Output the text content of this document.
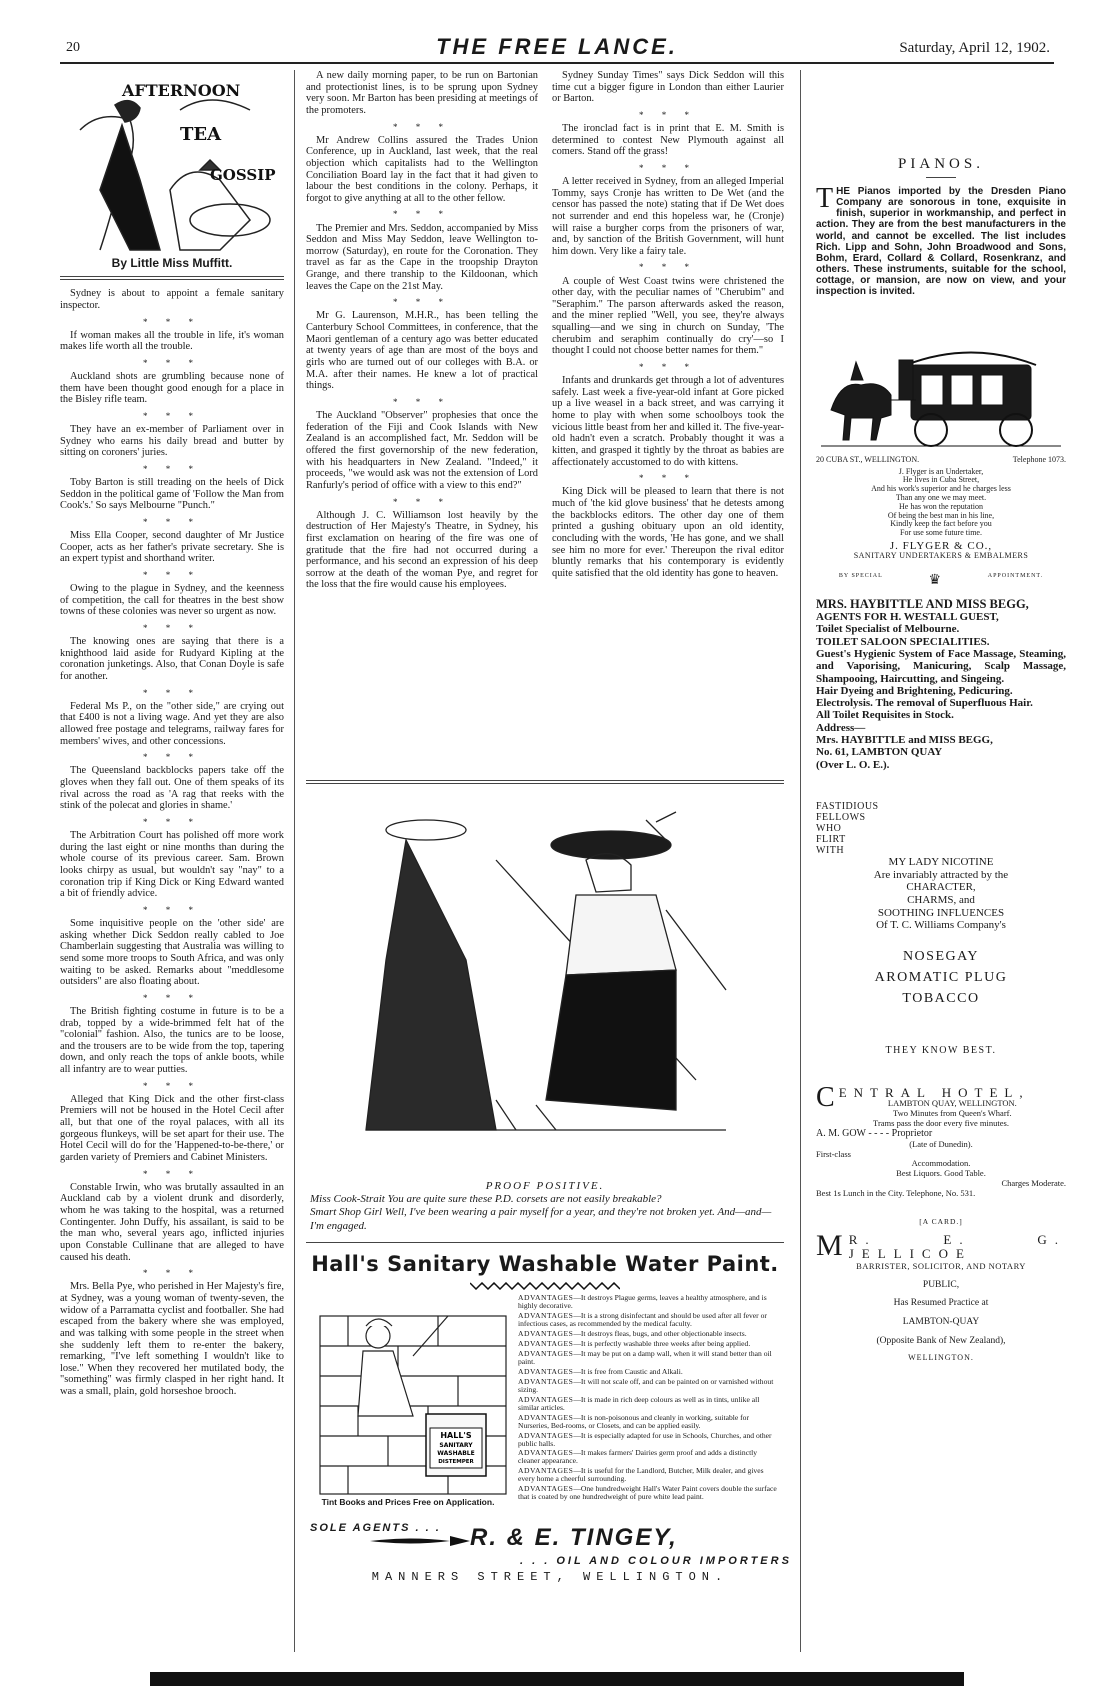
20	THE FREE LANCE.	Saturday, April 12, 1902.
AFTERNOON
TEA
GOSSIP
By Little Miss Muffitt.

Sydney is about to appoint a female sanitary inspector.

* * *

If woman makes all the trouble in life, it's woman makes life worth all the trouble.

* * *

Auckland shots are grumbling because none of them have been thought good enough for a place in the Bisley rifle team.

* * *

They have an ex-member of Parliament over in Sydney who earns his daily bread and butter by sitting on coroners' juries.

* * *

Toby Barton is still treading on the heels of Dick Seddon in the political game of 'Follow the Man from Cook's.' So says Melbourne "Punch."

* * *

Miss Ella Cooper, second daughter of Mr Justice Cooper, acts as her father's private secretary. She is an expert typist and shorthand writer.

* * *

Owing to the plague in Sydney, and the keenness of competition, the call for theatres in the best show towns of these colonies was never so urgent as now.

* * *

The knowing ones are saying that there is a knighthood laid aside for Rudyard Kipling at the coronation junketings. Also, that Conan Doyle is safe for another.

* * *

Federal Ms P., on the "other side," are crying out that £400 is not a living wage. And yet they are also allowed free postage and telegrams, railway fares for members' wives, and other concessions.

* * *

The Queensland backblocks papers take off the gloves when they fall out. One of them speaks of its rival across the road as 'A rag that reeks with the stink of the polecat and glories in shame.'

* * *

The Arbitration Court has polished off more work during the last eight or nine months than during the whole course of its previous career. Sam. Brown looks chirpy as usual, but wouldn't say "nay" to a coronation trip if King Dick or King Edward wanted a bit of friendly advice.

* * *

Some inquisitive people on the 'other side' are asking whether Dick Seddon really cabled to Joe Chamberlain suggesting that Australia was willing to send some more troops to South Africa, and was only waiting to be asked. Remarks about "meddlesome outsiders" are also floating about.

* * *

The British fighting costume in future is to be a drab, topped by a wide-brimmed felt hat of the "colonial" fashion. Also, the tunics are to be loose, and the trousers are to be wide from the top, tapering down, and only reach the tops of ankle boots, while all infantry are to wear putties.

* * *

Alleged that King Dick and the other first-class Premiers will not be housed in the Hotel Cecil after all, but that one of the royal palaces, with all its gorgeous flunkeys, will be set apart for their use. The Hotel Cecil will do for the 'Happened-to-be-there,' or garden variety of Premiers and Cabinet Ministers.

* * *

Constable Irwin, who was brutally assaulted in an Auckland cab by a violent drunk and disorderly, whom he was taking to the hospital, was a returned Contingenter. John Duffy, his assailant, is said to be the man who, several years ago, inflicted injuries upon Constable Cullinane that are alleged to have caused his death.

* * *

Mrs. Bella Pye, who perished in Her Majesty's fire, at Sydney, was a young woman of twenty-seven, the widow of a Parramatta cyclist and footballer. She had escaped from the bakery where she was employed, and was talking with some people in the street when she suddenly left them to re-enter the bakery, remarking, "I've left something I wouldn't like to lose." When they recovered her mutilated body, the "something" was firmly clasped in her right hand. It was a small, plain, gold horseshoe brooch.

A new daily morning paper, to be run on Bartonian and protectionist lines, is to be sprung upon Sydney very soon. Mr Barton has been presiding at meetings of the promoters.

* * *

Mr Andrew Collins assured the Trades Union Conference, up in Auckland, last week, that the real objection which capitalists had to the Wellington Conciliation Board lay in the fact that it had given to labour the best conditions in the colony. Perhaps, it forgot to give anything at all to the other fellow.

* * *

The Premier and Mrs. Seddon, accompanied by Miss Seddon and Miss May Seddon, leave Wellington to-morrow (Saturday), en route for the Coronation. They travel as far as the Cape in the troopship Drayton Grange, and there tranship to the Kildoonan, which leaves the Cape on the 21st May.

* * *

Mr G. Laurenson, M.H.R., has been telling the Canterbury School Committees, in conference, that the Maori gentleman of a century ago was better educated at twenty years of age than are most of the boys and girls who are turned out of our colleges with B.A. or M.A. after their names. He knew a lot of practical things.

* * *

The Auckland "Observer" prophesies that once the federation of the Fiji and Cook Islands with New Zealand is an accomplished fact, Mr. Seddon will be offered the first governorship of the new federation, with his headquarters in New Zealand. "Indeed," it proceeds, "we would ask was not the extension of Lord Ranfurly's period of office with a view to this end?"

* * *

Although J. C. Williamson lost heavily by the destruction of Her Majesty's Theatre, in Sydney, his first exclamation on hearing of the fire was one of gratitude that the fire had not occurred during a performance, and his second an expression of his deep sorrow at the death of the woman Pye, and regret for the loss that the fire would cause his employees.

Sydney Sunday Times" says Dick Seddon will this time cut a bigger figure in London than either Laurier or Barton.

* * *

The ironclad fact is in print that E. M. Smith is determined to contest New Plymouth against all comers. Stand off the grass!

* * *

A letter received in Sydney, from an alleged Imperial Tommy, says Cronje has written to De Wet (and the censor has passed the note) stating that if De Wet does not surrender and end this hopeless war, he (Cronje) will raise a burgher corps from the prisoners of war, and, by sanction of the British Government, will hunt him down. Very like a fairy tale.

* * *

A couple of West Coast twins were christened the other day, with the peculiar names of "Cherubim" and "Seraphim." The parson afterwards asked the reason, and the miner replied "Well, you see, they're always squalling—and we sing in church on Sunday, 'The cherubim and seraphim continually do cry'—so I thought I could not choose better names for them."

* * *

Infants and drunkards get through a lot of adventures safely. Last week a five-year-old infant at Gore picked up a live weasel in a back street, and was carrying it home to play with when some schoolboys took the vicious little beast from her and killed it. The five-year-old hadn't even a scratch. Probably thought it was a kitten, and grasped it tightly by the throat as babies are affectionately accustomed to do with kittens.

* * *

King Dick will be pleased to learn that there is not much of 'the kid glove business' that he detests among the backblocks editors. The other day one of them printed a gushing obituary upon an old identity, concluding with the words, 'He has gone, and we shall see him no more for ever.' Thereupon the rival editor bluntly remarks that his contemporary is evidently quite satisfied that the old identity has gone to heaven.

PROOF POSITIVE.
Miss Cook-Strait You are quite sure these P.D. corsets are not easily breakable?
Smart Shop Girl Well, I've been wearing a pair myself for a year, and they're not broken yet. And—and—I'm engaged.
Hall's Sanitary Washable Water Paint.
HALL'S
SANITARY
WASHABLE
DISTEMPER
ADVANTAGES—It destroys Plague germs, leaves a healthy atmosphere, and is highly decorative.
ADVANTAGES—It is a strong disinfectant and should be used after all fever or infectious cases, as recommended by the medical faculty.
ADVANTAGES—It destroys fleas, bugs, and other objectionable insects.
ADVANTAGES—It is perfectly washable three weeks after being applied.
ADVANTAGES—It may be put on a damp wall, when it will stand better than oil paint.
ADVANTAGES—It is free from Caustic and Alkali.
ADVANTAGES—It will not scale off, and can be painted on or varnished without sizing.
ADVANTAGES—It is made in rich deep colours as well as in tints, unlike all similar articles.
ADVANTAGES—It is non-poisonous and cleanly in working, suitable for Nurseries, Bed-rooms, or Closets, and can be applied easily.
ADVANTAGES—It is especially adapted for use in Schools, Churches, and other public halls.
ADVANTAGES—It makes farmers' Dairies germ proof and adds a distinctly cleaner appearance.
ADVANTAGES—It is useful for the Landlord, Butcher, Milk dealer, and gives every home a cheerful surrounding.
ADVANTAGES—One hundredweight Hall's Water Paint covers double the surface that is coated by one hundredweight of pure white lead paint.
Tint Books and Prices Free on Application.
SOLE AGENTS . . . R. & E. TINGEY,
. . . OIL AND COLOUR IMPORTERS
MANNERS STREET, WELLINGTON.
PIANOS.
THE Pianos imported by the Dresden Piano Company are sonorous in tone, exquisite in finish, superior in workmanship, and perfect in action. They are from the best manufacturers in the world, and cannot be excelled. The list includes Rich. Lipp and Sohn, John Broadwood and Sons, Bohm, Erard, Collard & Collard, Rosenkranz, and others. These instruments, suitable for the school, cottage, or mansion, are now on view, and your inspection is invited.
20 CUBA ST., WELLINGTON.	Telephone 1073.
J. Flyger is an Undertaker,
He lives in Cuba Street,
And his work's superior and he charges less
Than any one we may meet.
He has won the reputation
Of being the best man in his line,
Kindly keep the fact before you
For use some future time.
J. FLYGER & CO.,
SANITARY UNDERTAKERS & EMBALMERS
BY SPECIAL	♛	APPOINTMENT.
MRS. HAYBITTLE AND MISS BEGG,
AGENTS FOR H. WESTALL GUEST,
Toilet Specialist of Melbourne.
TOILET SALOON SPECIALITIES.
Guest's Hygienic System of Face Massage, Steaming, and Vaporising, Manicuring, Scalp Massage, Shampooing, Haircutting, and Singeing.
Hair Dyeing and Brightening, Pedicuring.
Electrolysis. The removal of Superfluous Hair.
All Toilet Requisites in Stock.
Address—
Mrs. HAYBITTLE and MISS BEGG,
No. 61, LAMBTON QUAY
(Over L. O. E.).
FASTIDIOUS
FELLOWS
WHO
FLIRT
WITH
MY LADY NICOTINE
Are invariably attracted by the
CHARACTER,
CHARMS, and
SOOTHING INFLUENCES
Of T. C. Williams Company's
NOSEGAY
AROMATIC PLUG
TOBACCO
THEY KNOW BEST.
CENTRAL HOTEL,
LAMBTON QUAY, WELLINGTON.
Two Minutes from Queen's Wharf.
Trams pass the door every five minutes.
A. M. GOW - - - - Proprietor
(Late of Dunedin).
First-class
Accommodation.
Best Liquors. Good Table.
Charges Moderate.
Best 1s Lunch in the City. Telephone, No. 531.
[A CARD.]
M R. E. G. JELLICOE
BARRISTER, SOLICITOR, AND NOTARY
PUBLIC,
Has Resumed Practice at
LAMBTON-QUAY
(Opposite Bank of New Zealand),
WELLINGTON.
